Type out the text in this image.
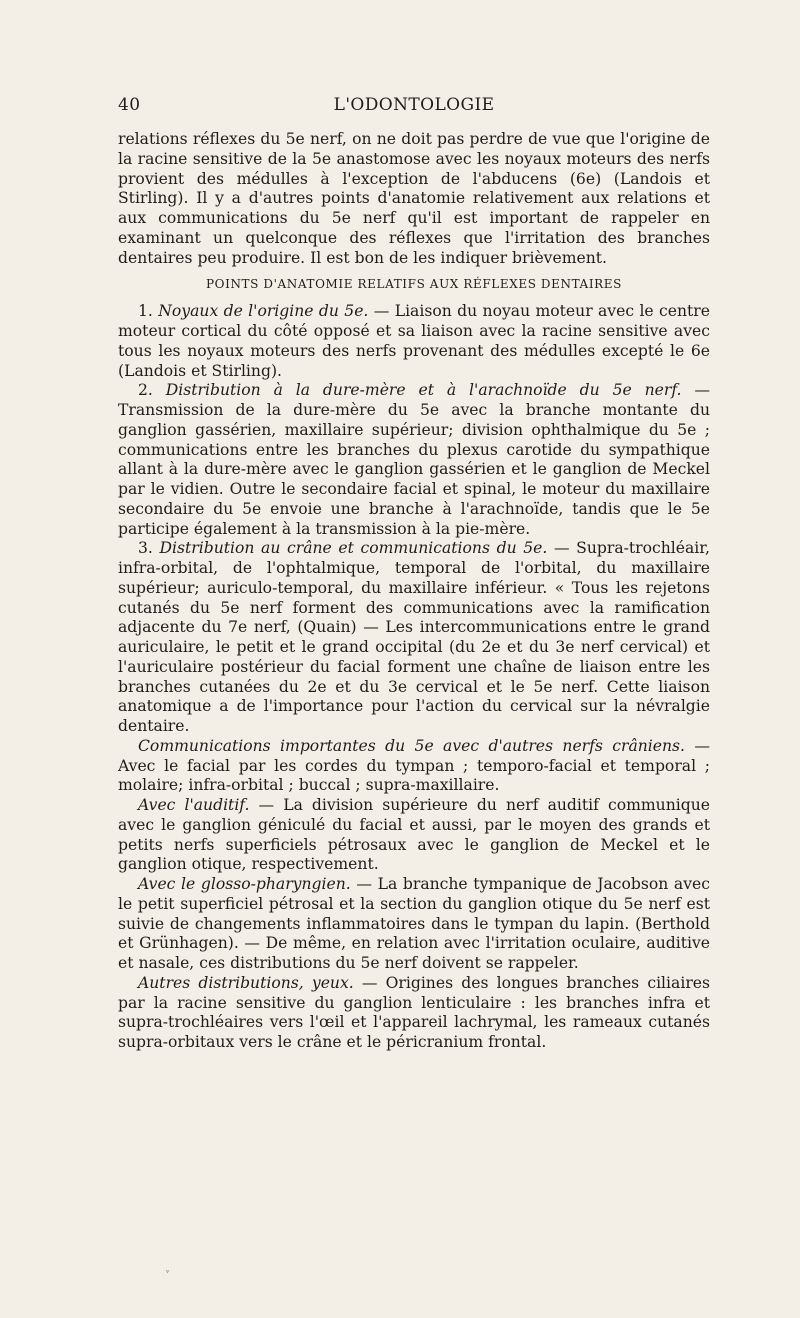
40	L'ODONTOLOGIE

relations réflexes du 5e nerf, on ne doit pas perdre de vue que l'origine de la racine sensitive de la 5e anastomose avec les noyaux moteurs des nerfs provient des médulles à l'exception de l'abducens (6e) (Landois et Stirling). Il y a d'autres points d'anatomie relativement aux relations et aux communications du 5e nerf qu'il est important de rappeler en examinant un quelconque des réflexes que l'irritation des branches dentaires peu produire. Il est bon de les indiquer brièvement.

POINTS D'ANATOMIE RELATIFS AUX RÉFLEXES DENTAIRES

1. Noyaux de l'origine du 5e. — Liaison du noyau moteur avec le centre moteur cortical du côté opposé et sa liaison avec la racine sensitive avec tous les noyaux moteurs des nerfs provenant des médulles excepté le 6e (Landois et Stirling).

2. Distribution à la dure-mère et à l'arachnoïde du 5e nerf. — Transmission de la dure-mère du 5e avec la branche montante du ganglion gassérien, maxillaire supérieur; division ophthalmique du 5e ; communications entre les branches du plexus carotide du sympathique allant à la dure-mère avec le ganglion gassérien et le ganglion de Meckel par le vidien. Outre le secondaire facial et spinal, le moteur du maxillaire secondaire du 5e envoie une branche à l'arachnoïde, tandis que le 5e participe également à la transmission à la pie-mère.

3. Distribution au crâne et communications du 5e. — Supra-trochléair, infra-orbital, de l'ophtalmique, temporal de l'orbital, du maxillaire supérieur; auriculo-temporal, du maxillaire inférieur. « Tous les rejetons cutanés du 5e nerf forment des communications avec la ramification adjacente du 7e nerf, (Quain) — Les intercommunications entre le grand auriculaire, le petit et le grand occipital (du 2e et du 3e nerf cervical) et l'auriculaire postérieur du facial forment une chaîne de liaison entre les branches cutanées du 2e et du 3e cervical et le 5e nerf. Cette liaison anatomique a de l'importance pour l'action du cervical sur la névralgie dentaire.

Communications importantes du 5e avec d'autres nerfs crâniens. — Avec le facial par les cordes du tympan ; temporo-facial et temporal ; molaire; infra-orbital ; buccal ; supra-maxillaire.

Avec l'auditif. — La division supérieure du nerf auditif communique avec le ganglion géniculé du facial et aussi, par le moyen des grands et petits nerfs superficiels pétrosaux avec le ganglion de Meckel et le ganglion otique, respectivement.

Avec le glosso-pharyngien. — La branche tympanique de Jacobson avec le petit superficiel pétrosal et la section du ganglion otique du 5e nerf est suivie de changements inflammatoires dans le tympan du lapin. (Berthold et Grünhagen). — De même, en relation avec l'irritation oculaire, auditive et nasale, ces distributions du 5e nerf doivent se rappeler.

Autres distributions, yeux. — Origines des longues branches ciliaires par la racine sensitive du ganglion lenticulaire : les branches infra et supra-trochléaires vers l'œil et l'appareil lachrymal, les rameaux cutanés supra-orbitaux vers le crâne et le péricranium frontal.

ᵛ
